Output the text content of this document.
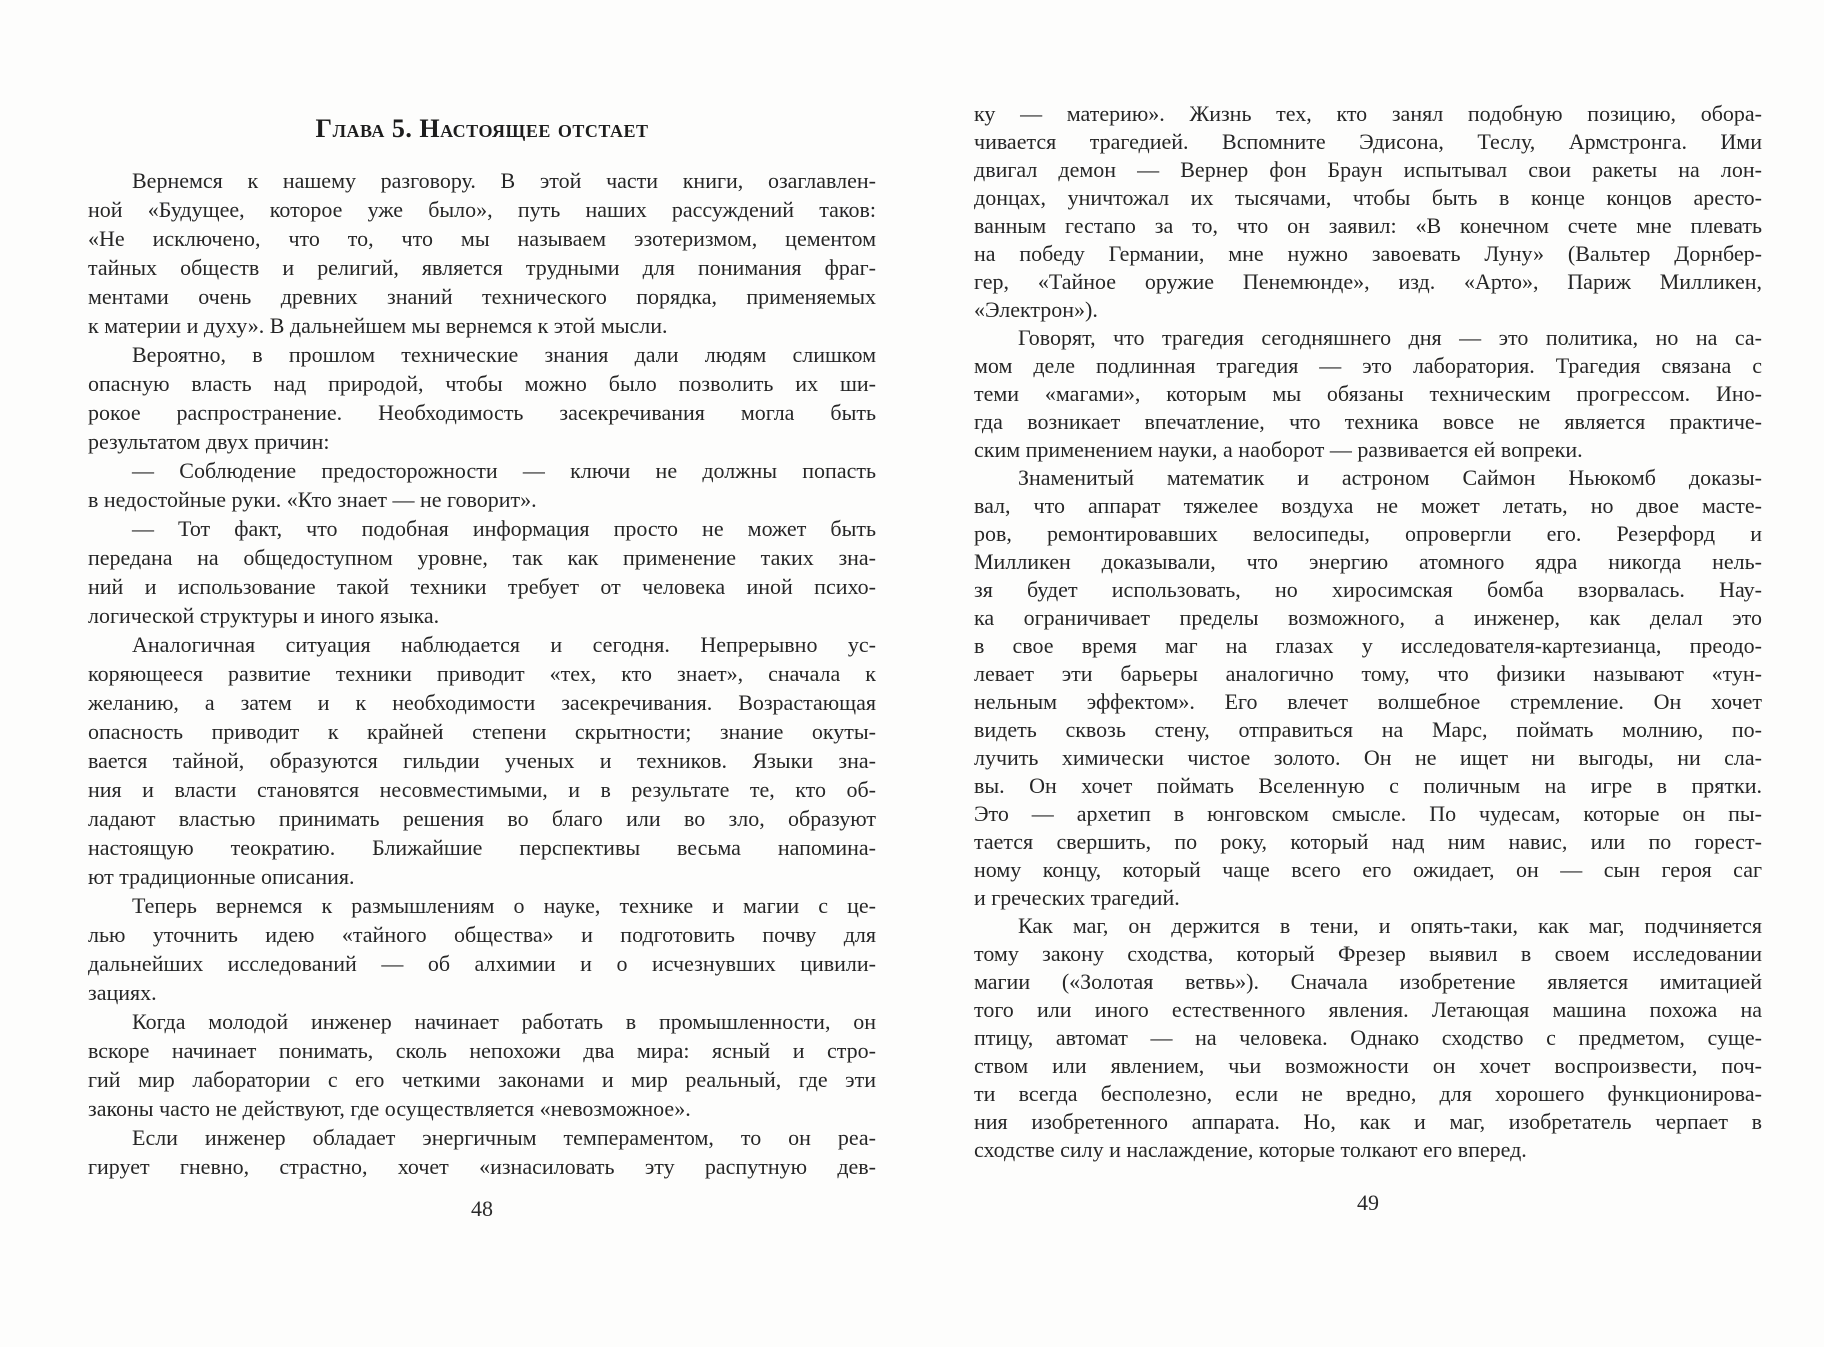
Глава 5. Настоящее отстает
Вернемся к нашему разговору. В этой части книги, озаглавлен-
ной «Будущее, которое уже было», путь наших рассуждений таков:
«Не исключено, что то, что мы называем эзотеризмом, цементом
тайных обществ и религий, является трудными для понимания фраг-
ментами очень древних знаний технического порядка, применяемых
к материи и духу». В дальнейшем мы вернемся к этой мысли.
Вероятно, в прошлом технические знания дали людям слишком
опасную власть над природой, чтобы можно было позволить их ши-
рокое распространение. Необходимость засекречивания могла быть
результатом двух причин:
— Соблюдение предосторожности — ключи не должны попасть
в недостойные руки. «Кто знает — не говорит».
— Тот факт, что подобная информация просто не может быть
передана на общедоступном уровне, так как применение таких зна-
ний и использование такой техники требует от человека иной психо-
логической структуры и иного языка.
Аналогичная ситуация наблюдается и сегодня. Непрерывно ус-
коряющееся развитие техники приводит «тех, кто знает», сначала к
желанию, а затем и к необходимости засекречивания. Возрастающая
опасность приводит к крайней степени скрытности; знание окуты-
вается тайной, образуются гильдии ученых и техников. Языки зна-
ния и власти становятся несовместимыми, и в результате те, кто об-
ладают властью принимать решения во благо или во зло, образуют
настоящую теократию. Ближайшие перспективы весьма напомина-
ют традиционные описания.
Теперь вернемся к размышлениям о науке, технике и магии с це-
лью уточнить идею «тайного общества» и подготовить почву для
дальнейших исследований — об алхимии и о исчезнувших цивили-
зациях.
Когда молодой инженер начинает работать в промышленности, он
вскоре начинает понимать, сколь непохожи два мира: ясный и стро-
гий мир лаборатории с его четкими законами и мир реальный, где эти
законы часто не действуют, где осуществляется «невозможное».
Если инженер обладает энергичным темпераментом, то он реа-
гирует гневно, страстно, хочет «изнасиловать эту распутную дев-
ку — материю». Жизнь тех, кто занял подобную позицию, обора-
чивается трагедией. Вспомните Эдисона, Теслу, Армстронга. Ими
двигал демон — Вернер фон Браун испытывал свои ракеты на лон-
донцах, уничтожал их тысячами, чтобы быть в конце концов аресто-
ванным гестапо за то, что он заявил: «В конечном счете мне плевать
на победу Германии, мне нужно завоевать Луну» (Вальтер Дорнбер-
гер, «Тайное оружие Пенемюнде», изд. «Арто», Париж Милликен,
«Электрон»).
Говорят, что трагедия сегодняшнего дня — это политика, но на са-
мом деле подлинная трагедия — это лаборатория. Трагедия связана с
теми «магами», которым мы обязаны техническим прогрессом. Ино-
гда возникает впечатление, что техника вовсе не является практиче-
ским применением науки, а наоборот — развивается ей вопреки.
Знаменитый математик и астроном Саймон Ньюкомб доказы-
вал, что аппарат тяжелее воздуха не может летать, но двое масте-
ров, ремонтировавших велосипеды, опровергли его. Резерфорд и
Милликен доказывали, что энергию атомного ядра никогда нель-
зя будет использовать, но хиросимская бомба взорвалась. Нау-
ка ограничивает пределы возможного, а инженер, как делал это
в свое время маг на глазах у исследователя-картезианца, преодо-
левает эти барьеры аналогично тому, что физики называют «тун-
нельным эффектом». Его влечет волшебное стремление. Он хочет
видеть сквозь стену, отправиться на Марс, поймать молнию, по-
лучить химически чистое золото. Он не ищет ни выгоды, ни сла-
вы. Он хочет поймать Вселенную с поличным на игре в прятки.
Это — архетип в юнговском смысле. По чудесам, которые он пы-
тается свершить, по року, который над ним навис, или по горест-
ному концу, который чаще всего его ожидает, он — сын героя саг
и греческих трагедий.
Как маг, он держится в тени, и опять-таки, как маг, подчиняется
тому закону сходства, который Фрезер выявил в своем исследовании
магии («Золотая ветвь»). Сначала изобретение является имитацией
того или иного естественного явления. Летающая машина похожа на
птицу, автомат — на человека. Однако сходство с предметом, суще-
ством или явлением, чьи возможности он хочет воспроизвести, поч-
ти всегда бесполезно, если не вредно, для хорошего функционирова-
ния изобретенного аппарата. Но, как и маг, изобретатель черпает в
сходстве силу и наслаждение, которые толкают его вперед.
48	49
